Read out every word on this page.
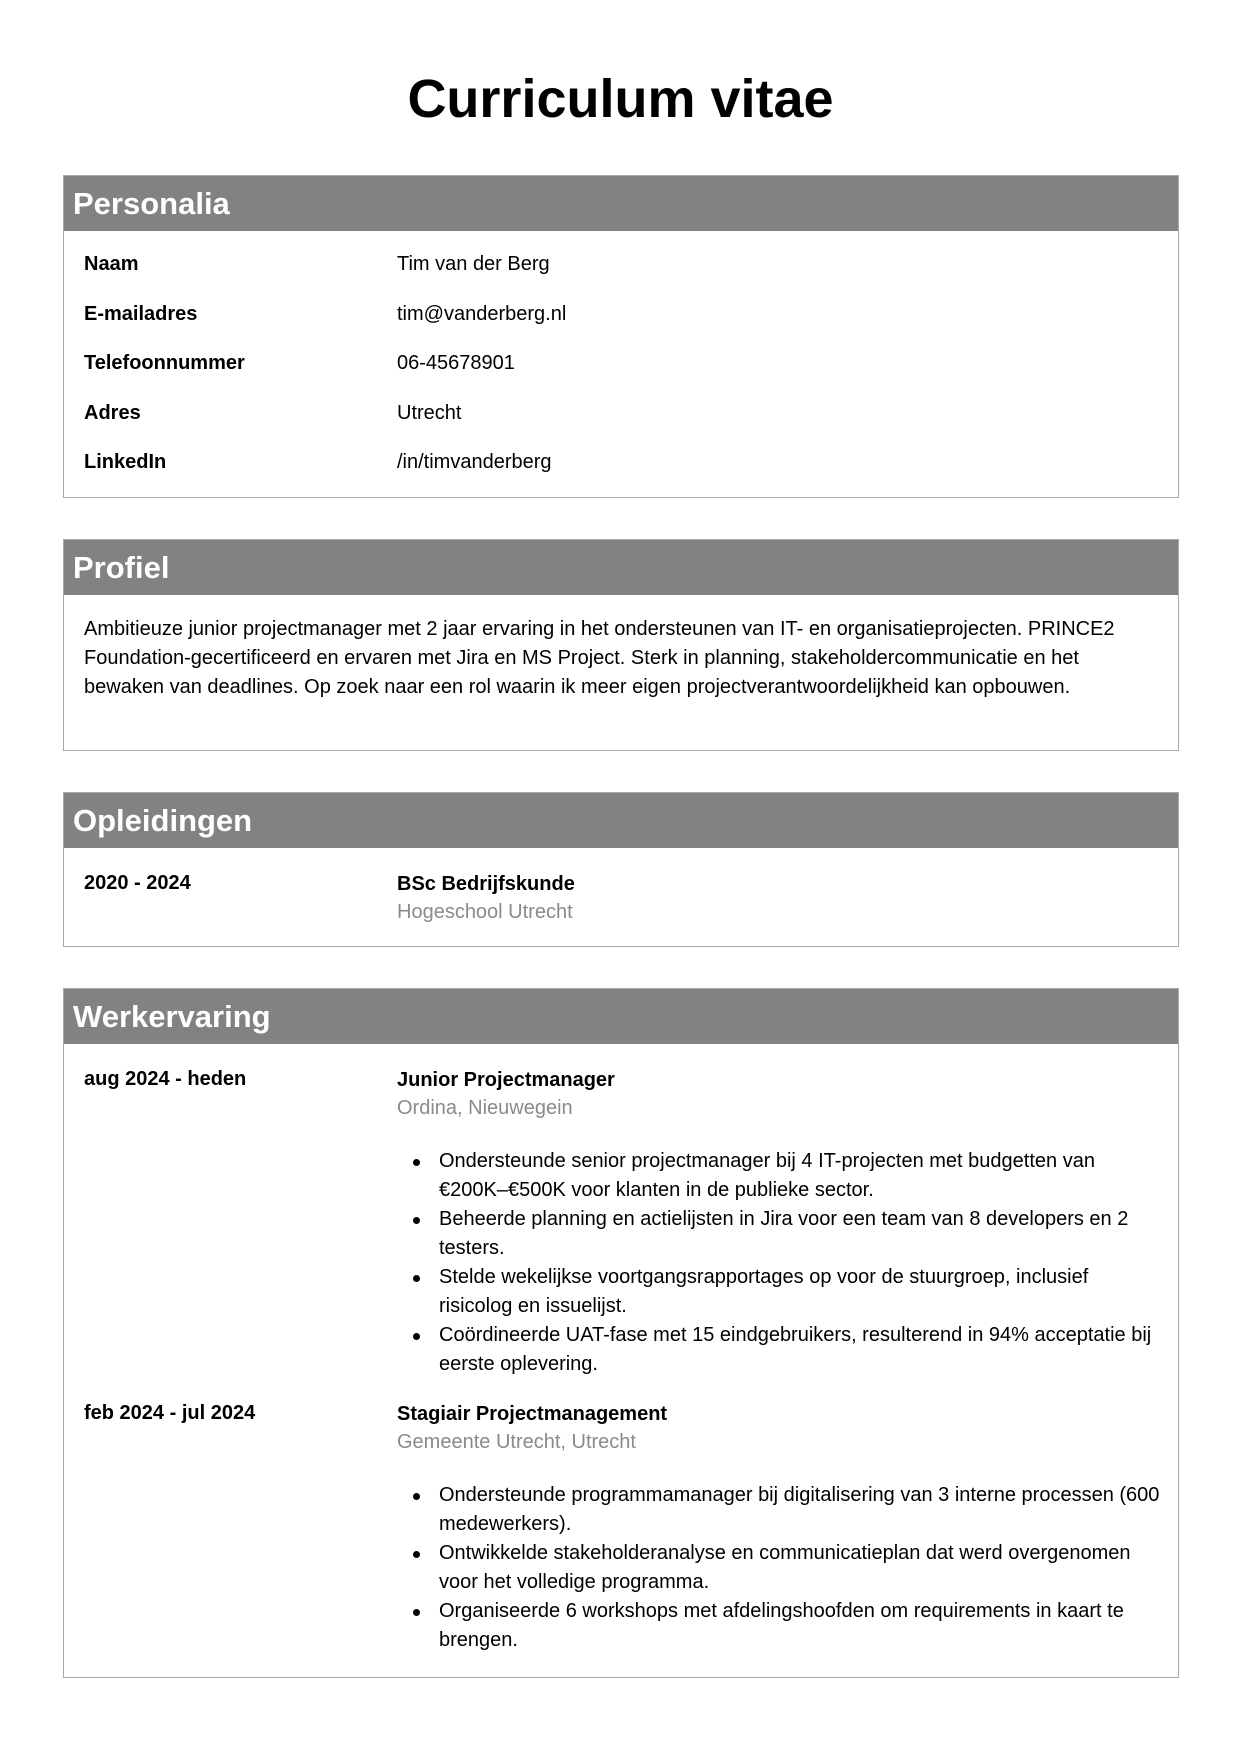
Curriculum vitae
Personalia
Naam	Tim van der Berg
E-mailadres	tim@vanderberg.nl
Telefoonnummer	06-45678901
Adres	Utrecht
LinkedIn	/in/timvanderberg
Profiel

Ambitieuze junior projectmanager met 2 jaar ervaring in het ondersteunen van IT- en organisatieprojecten. PRINCE2 Foundation-gecertificeerd en ervaren met Jira en MS Project. Sterk in planning, stakeholdercommunicatie en het bewaken van deadlines. Op zoek naar een rol waarin ik meer eigen projectverantwoordelijkheid kan opbouwen.

Opleidingen
2020 - 2024	BSc Bedrijfskunde
Hogeschool Utrecht
Werkervaring
aug 2024 - heden	Junior Projectmanager
Ordina, Nieuwegein
Ondersteunde senior projectmanager bij 4 IT-projecten met budgetten van €200K–€500K voor klanten in de publieke sector.
Beheerde planning en actielijsten in Jira voor een team van 8 developers en 2 testers.
Stelde wekelijkse voortgangsrapportages op voor de stuurgroep, inclusief risicolog en issuelijst.
Coördineerde UAT-fase met 15 eindgebruikers, resulterend in 94% acceptatie bij eerste oplevering.
feb 2024 - jul 2024	Stagiair Projectmanagement
Gemeente Utrecht, Utrecht
Ondersteunde programmamanager bij digitalisering van 3 interne processen (600 medewerkers).
Ontwikkelde stakeholderanalyse en communicatieplan dat werd overgenomen voor het volledige programma.
Organiseerde 6 workshops met afdelingshoofden om requirements in kaart te brengen.
